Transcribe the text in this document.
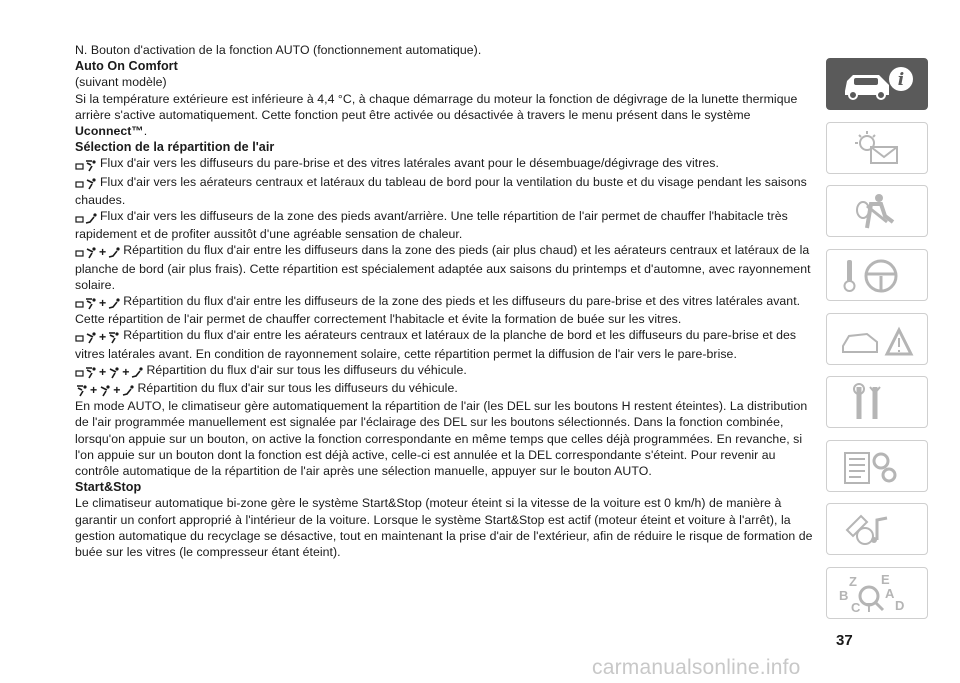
N. Bouton d'activation de la fonction AUTO (fonctionnement automatique).

Auto On Comfort

(suivant modèle)

Si la température extérieure est inférieure à 4,4 °C, à chaque démarrage du moteur la fonction de dégivrage de la lunette thermique arrière s'active automatiquement. Cette fonction peut être activée ou désactivée à travers le menu présent dans le système Uconnect™.

Sélection de la répartition de l'air

Flux d'air vers les diffuseurs du pare-brise et des vitres latérales avant pour le désembuage/dégivrage des vitres.

Flux d'air vers les aérateurs centraux et latéraux du tableau de bord pour la ventilation du buste et du visage pendant les saisons chaudes.

Flux d'air vers les diffuseurs de la zone des pieds avant/arrière. Une telle répartition de l'air permet de chauffer l'habitacle très rapidement et de profiter aussitôt d'une agréable sensation de chaleur.

+ Répartition du flux d'air entre les diffuseurs dans la zone des pieds (air plus chaud) et les aérateurs centraux et latéraux de la planche de bord (air plus frais). Cette répartition est spécialement adaptée aux saisons du printemps et d'automne, avec rayonnement solaire.

+ Répartition du flux d'air entre les diffuseurs de la zone des pieds et les diffuseurs du pare-brise et des vitres latérales avant. Cette répartition de l'air permet de chauffer correctement l'habitacle et évite la formation de buée sur les vitres.

+ Répartition du flux d'air entre les aérateurs centraux et latéraux de la planche de bord et les diffuseurs du pare-brise et des vitres latérales avant. En condition de rayonnement solaire, cette répartition permet la diffusion de l'air vers le pare-brise.

+ + Répartition du flux d'air sur tous les diffuseurs du véhicule.

+ + Répartition du flux d'air sur tous les diffuseurs du véhicule.

En mode AUTO, le climatiseur gère automatiquement la répartition de l'air (les DEL sur les boutons H restent éteintes). La distribution de l'air programmée manuellement est signalée par l'éclairage des DEL sur les boutons sélectionnés. Dans la fonction combinée, lorsqu'on appuie sur un bouton, on active la fonction correspondante en même temps que celles déjà programmées. En revanche, si l'on appuie sur un bouton dont la fonction est déjà active, celle-ci est annulée et la DEL correspondante s'éteint. Pour revenir au contrôle automatique de la répartition de l'air après une sélection manuelle, appuyer sur le bouton AUTO.

Start&Stop

Le climatiseur automatique bi-zone gère le système Start&Stop (moteur éteint si la vitesse de la voiture est 0 km/h) de manière à garantir un confort approprié à l'intérieur de la voiture. Lorsque le système Start&Stop est actif (moteur éteint et voiture à l'arrêt), la gestion automatique du recyclage se désactive, tout en maintenant la prise d'air de l'extérieur, afin de réduire le risque de formation de buée sur les vitres (le compresseur étant éteint).

i
Z E
B	A
C T D
37
carmanualsonline.info
